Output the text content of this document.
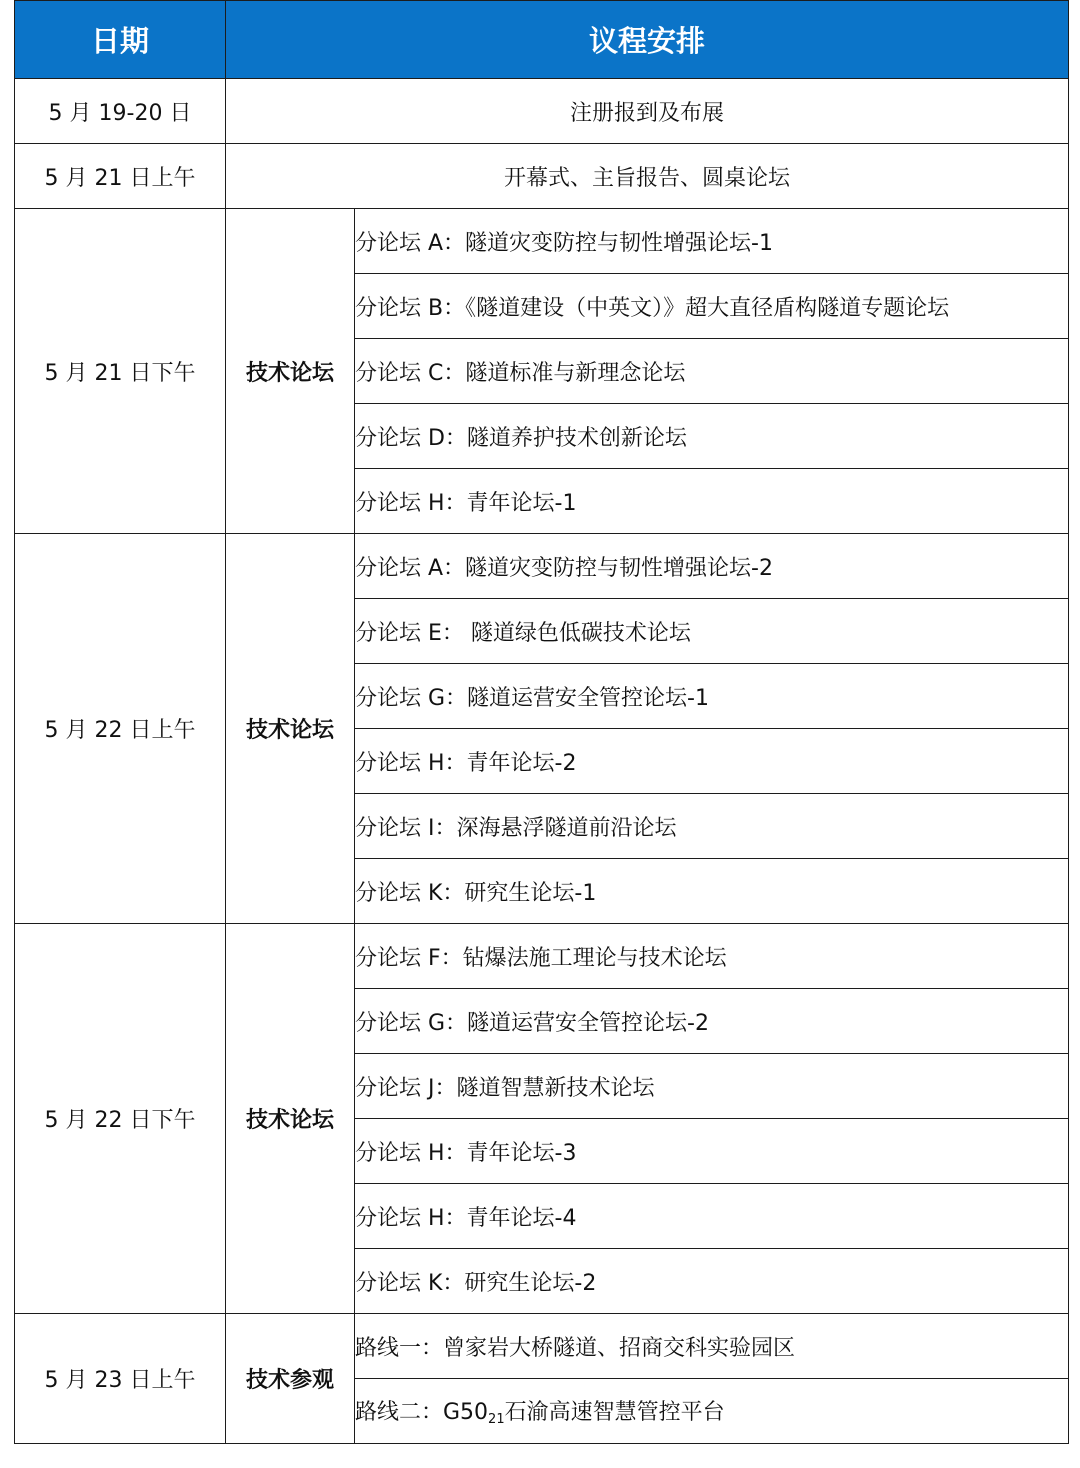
日期	议程安排	
5 月 19-20 日	注册报到及布展	
5 月 21 日上午	开幕式、主旨报告、圆桌论坛	
5 月 21 日下午	技术论坛	分论坛 A：隧道灾变防控与韧性增强论坛-1
		分论坛 B：《隧道建设（中英文）》超大直径盾构隧道专题论坛
		分论坛 C：隧道标准与新理念论坛
		分论坛 D：隧道养护技术创新论坛
		分论坛 H：青年论坛-1
5 月 22 日上午	技术论坛	分论坛 A：隧道灾变防控与韧性增强论坛-2
		分论坛 E： 隧道绿色低碳技术论坛
		分论坛 G：隧道运营安全管控论坛-1
		分论坛 H：青年论坛-2
		分论坛 I：深海悬浮隧道前沿论坛
		分论坛 K：研究生论坛-1
5 月 22 日下午	技术论坛	分论坛 F：钻爆法施工理论与技术论坛
		分论坛 G：隧道运营安全管控论坛-2
		分论坛 J：隧道智慧新技术论坛
		分论坛 H：青年论坛-3
		分论坛 H：青年论坛-4
		分论坛 K：研究生论坛-2
5 月 23 日上午	技术参观	路线一：曾家岩大桥隧道、招商交科实验园区
		路线二：$G50_{21}$石渝高速智慧管控平台
